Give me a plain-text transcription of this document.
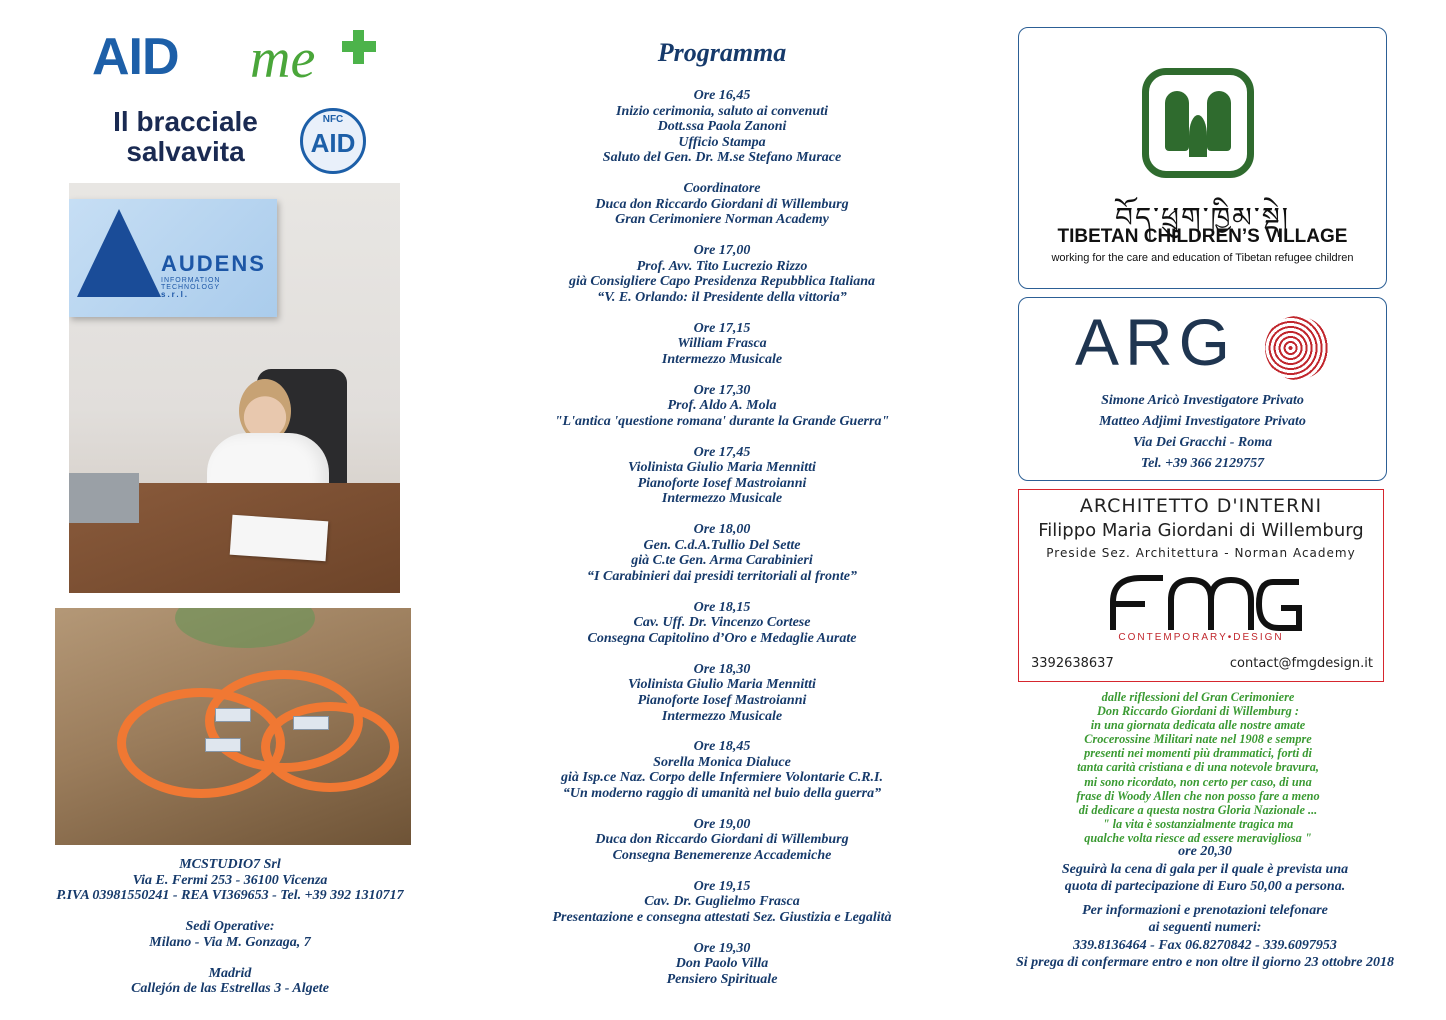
AID me
Il bracciale
salvavita
NFC
AID
AUDENS s.r.l.
INFORMATION TECHNOLOGY
MCSTUDIO7 Srl
Via E. Fermi 253 - 36100 Vicenza
P.IVA 03981550241 - REA VI369653 - Tel. +39 392 1310717
Sedi Operative:
Milano - Via M. Gonzaga, 7
Madrid
Callejón de las Estrellas 3 - Algete
Programma
Ore 16,45
Inizio cerimonia, saluto ai convenuti
Dott.ssa Paola Zanoni
Ufficio Stampa
Saluto del Gen. Dr. M.se Stefano Murace
Coordinatore
Duca don Riccardo Giordani di Willemburg
Gran Cerimoniere Norman Academy
Ore 17,00
Prof. Avv. Tito Lucrezio Rizzo
già Consigliere Capo Presidenza Repubblica Italiana
“V. E. Orlando: il Presidente della vittoria”
Ore 17,15
William Frasca
Intermezzo Musicale
Ore 17,30
Prof. Aldo A. Mola
"L'antica 'questione romana' durante la Grande Guerra"
Ore 17,45
Violinista Giulio Maria Mennitti
Pianoforte Iosef Mastroianni
Intermezzo Musicale
Ore 18,00
Gen. C.d.A.Tullio Del Sette
già C.te Gen. Arma Carabinieri
“I Carabinieri dai presidi territoriali al fronte”
Ore 18,15
Cav. Uff. Dr. Vincenzo Cortese
Consegna Capitolino d’Oro e Medaglie Aurate
Ore 18,30
Violinista Giulio Maria Mennitti
Pianoforte Iosef Mastroianni
Intermezzo Musicale
Ore 18,45
Sorella Monica Dialuce
già Isp.ce Naz. Corpo delle Infermiere Volontarie C.R.I.
“Un moderno raggio di umanità nel buio della guerra”
Ore 19,00
Duca don Riccardo Giordani di Willemburg
Consegna Benemerenze Accademiche
Ore 19,15
Cav. Dr. Guglielmo Frasca
Presentazione e consegna attestati Sez. Giustizia e Legalità
Ore 19,30
Don Paolo Villa
Pensiero Spirituale
བོད་ཕྲུག་ཁྱིམ་སྡེ།
TIBETAN CHILDREN’S VILLAGE
working for the care and education of Tibetan refugee children
ARG
Simone Aricò Investigatore Privato
Matteo Adjimi Investigatore Privato
Via Dei Gracchi - Roma
Tel. +39 366 2129757
ARCHITETTO D'INTERNI
Filippo Maria Giordani di Willemburg
Preside Sez. Architettura - Norman Academy
CONTEMPORARY•DESIGN
3392638637	contact@fmgdesign.it
dalle riflessioni del Gran Cerimoniere
Don Riccardo Giordani di Willemburg :
in una giornata dedicata alle nostre amate
Crocerossine Militari nate nel 1908 e sempre
presenti nei momenti più drammatici, forti di
tanta carità cristiana e di una notevole bravura,
mi sono ricordato, non certo per caso, di una
frase di Woody Allen che non posso fare a meno
di dedicare a questa nostra Gloria Nazionale ...
" la vita è sostanzialmente tragica ma
qualche volta riesce ad essere meravigliosa "
ore 20,30
Seguirà la cena di gala per il quale è prevista una
quota di partecipazione di Euro 50,00 a persona.
Per informazioni e prenotazioni telefonare
ai seguenti numeri:
339.8136464 - Fax 06.8270842 - 339.6097953
Si prega di confermare entro e non oltre il giorno 23 ottobre 2018
